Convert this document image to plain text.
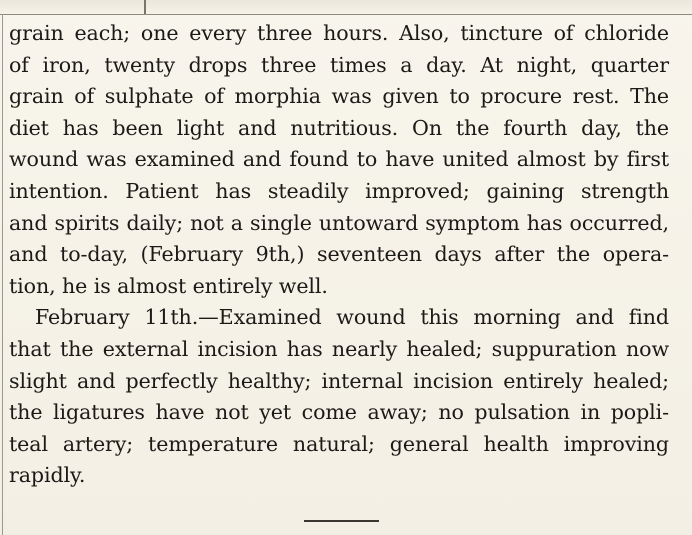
grain each; one every three hours. Also, tincture of chloride
of iron, twenty drops three times a day. At night, quarter
grain of sulphate of morphia was given to procure rest. The
diet has been light and nutritious. On the fourth day, the
wound was examined and found to have united almost by first
intention. Patient has steadily improved; gaining strength
and spirits daily; not a single untoward symptom has occurred,
and to-day, (February 9th,) seventeen days after the opera-
tion, he is almost entirely well.
February 11th.—Examined wound this morning and find
that the external incision has nearly healed; suppuration now
slight and perfectly healthy; internal incision entirely healed;
the ligatures have not yet come away; no pulsation in popli-
teal artery; temperature natural; general health improving
rapidly.
